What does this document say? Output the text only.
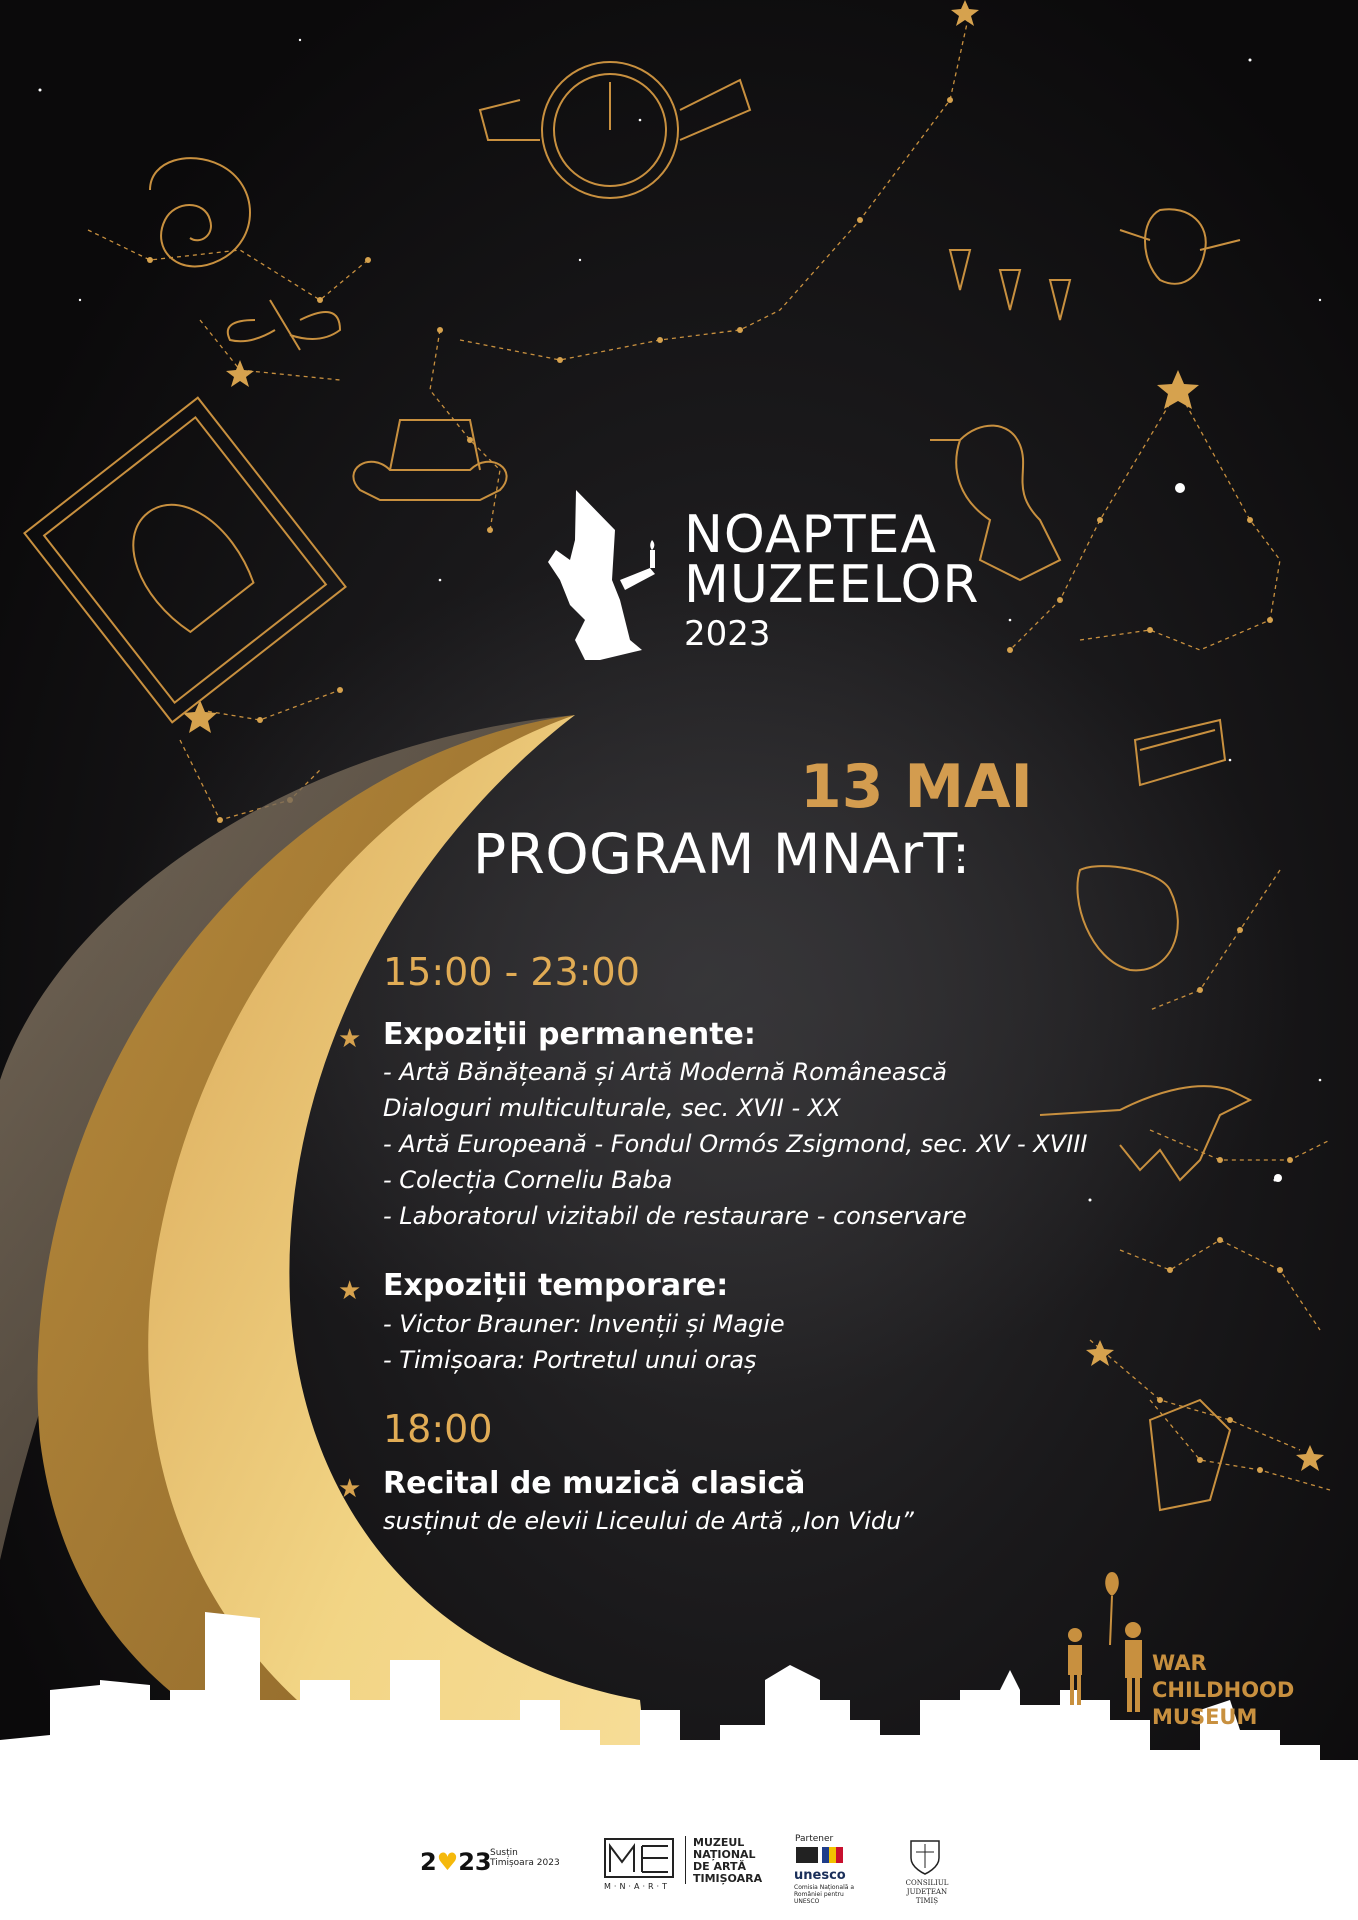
NOAPTEA
MUZEELOR
2023
13 MAI
PROGRAM MNArT:
15:00 - 23:00
★ Expoziții permanente:
- Artă Bănățeană și Artă Modernă Românească
Dialoguri multiculturale, sec. XVII - XX
- Artă Europeană - Fondul Ormós Zsigmond, sec. XV - XVIII
- Colecția Corneliu Baba
- Laboratorul vizitabil de restaurare - conservare
★ Expoziții temporare:
- Victor Brauner: Invenții și Magie
- Timișoara: Portretul unui oraș
18:00
★ Recital de muzică clasică
susținut de elevii Liceului de Artă „Ion Vidu”
WAR
CHILDHOOD
MUSEUM
2♥23
Susțin
Timișoara 2023
M·N·A·R·T
MUZEUL
NAȚIONAL
DE ARTĂ
TIMIȘOARA
Partener
unesco
Comisia Națională a României pentru UNESCO
CONSILIUL JUDEȚEAN
TIMIȘ
